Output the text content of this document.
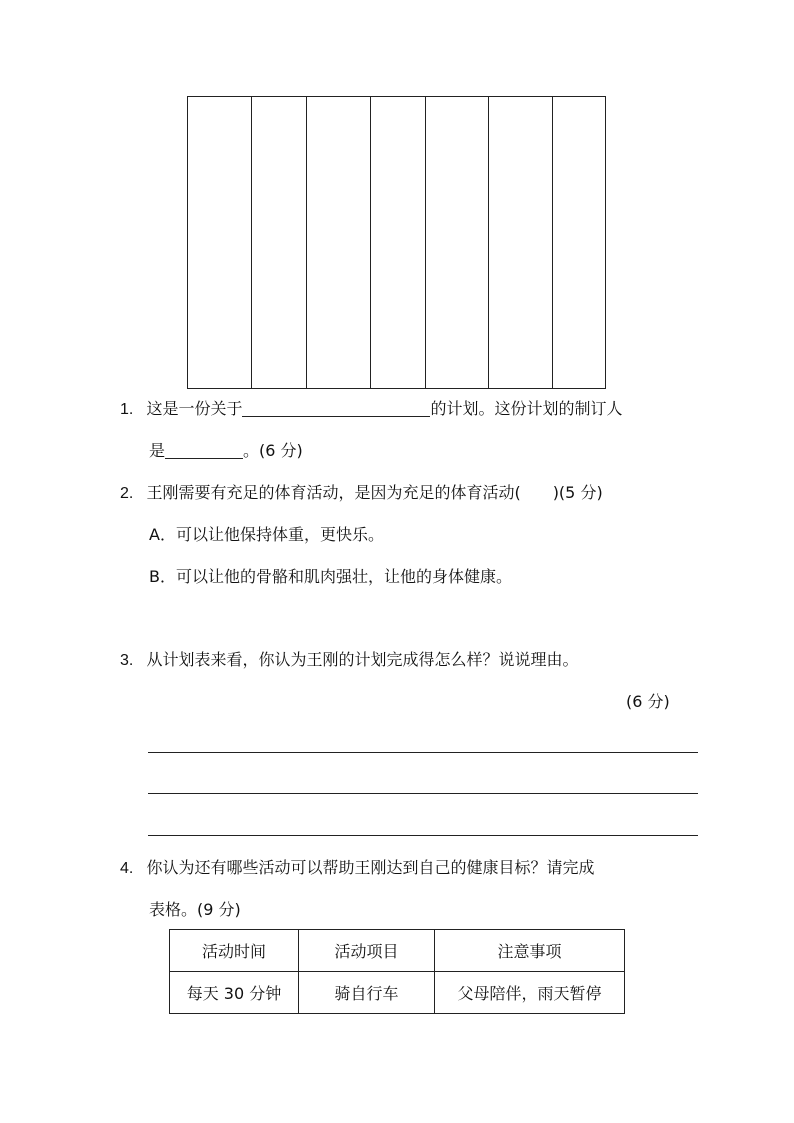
1. 这是一份关于	的计划。这份计划的制订人
是	。(6 分)
2. 王刚需要有充足的体育活动，是因为充足的体育活动( )(5 分)
A．可以让他保持体重，更快乐。
B．可以让他的骨骼和肌肉强壮，让他的身体健康。
3. 从计划表来看，你认为王刚的计划完成得怎么样？说说理由。
(6 分)
4. 你认为还有哪些活动可以帮助王刚达到自己的健康目标？请完成
表格。(9 分)
活动时间	活动项目	注意事项
每天 30 分钟	骑自行车	父母陪伴，雨天暂停
